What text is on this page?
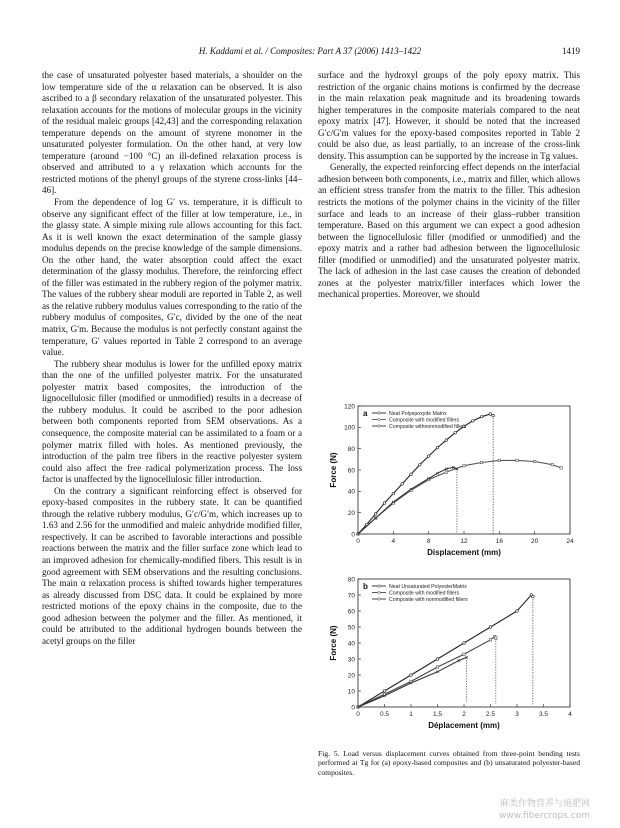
H. Kaddami et al. / Composites: Part A 37 (2006) 1413–1422	1419

the case of unsaturated polyester based materials, a shoulder on the low temperature side of the α relaxation can be observed. It is also ascribed to a β secondary relaxation of the unsaturated polyester. This relaxation accounts for the motions of molecular groups in the vicinity of the residual maleic groups [42,43] and the corresponding relaxation temperature depends on the amount of styrene monomer in the unsaturated polyester formulation. On the other hand, at very low temperature (around −100 °C) an ill-defined relaxation process is observed and attributed to a γ relaxation which accounts for the restricted motions of the phenyl groups of the styrene cross-links [44–46].

From the dependence of log G′ vs. temperature, it is difficult to observe any significant effect of the filler at low temperature, i.e., in the glassy state. A simple mixing rule allows accounting for this fact. As it is well known the exact determination of the sample glassy modulus depends on the precise knowledge of the sample dimensions. On the other hand, the water absorption could affect the exact determination of the glassy modulus. Therefore, the reinforcing effect of the filler was estimated in the rubbery region of the polymer matrix. The values of the rubbery shear moduli are reported in Table 2, as well as the relative rubbery modulus values corresponding to the ratio of the rubbery modulus of composites, G′c, divided by the one of the neat matrix, G′m. Because the modulus is not perfectly constant against the temperature, G′ values reported in Table 2 correspond to an average value.

The rubbery shear modulus is lower for the unfilled epoxy matrix than the one of the unfilled polyester matrix. For the unsaturated polyester matrix based composites, the introduction of the lignocellulosic filler (modified or unmodified) results in a decrease of the rubbery modulus. It could be ascribed to the poor adhesion between both components reported from SEM observations. As a consequence, the composite material can be assimilated to a foam or a polymer matrix filled with holes. As mentioned previously, the introduction of the palm tree fibers in the reactive polyester system could also affect the free radical polymerization process. The loss factor is unaffected by the lignocellulosic filler introduction.

On the contrary a significant reinforcing effect is observed for epoxy-based composites in the rubbery state. It can be quantified through the relative rubbery modulus, G′c/G′m, which increases up to 1.63 and 2.56 for the unmodified and maleic anhydride modified filler, respectively. It can be ascribed to favorable interactions and possible reactions between the matrix and the filler surface zone which lead to an improved adhesion for chemically-modified fibers. This result is in good agreement with SEM observations and the resulting conclusions. The main α relaxation process is shifted towards higher temperatures as already discussed from DSC data. It could be explained by more restricted motions of the epoxy chains in the composite, due to the good adhesion between the polymer and the filler. As mentioned, it could be attributed to the additional hydrogen bounds between the acetyl groups on the filler

surface and the hydroxyl groups of the poly epoxy matrix. This restriction of the organic chains motions is confirmed by the decrease in the main relaxation peak magnitude and its broadening towards higher temperatures in the composite materials compared to the neat epoxy matrix [47]. However, it should be noted that the increased G′c/G′m values for the epoxy-based composites reported in Table 2 could be also due, as least partially, to an increase of the cross-link density. This assumption can be supported by the increase in Tg values.

Generally, the expected reinforcing effect depends on the interfacial adhesion between both components, i.e., matrix and filler, which allows an efficient stress transfer from the matrix to the filler. This adhesion restricts the motions of the polymer chains in the vicinity of the filler surface and leads to an increase of their glass–rubber transition temperature. Based on this argument we can expect a good adhesion between the lignocellulosic filler (modified or unmodified) and the epoxy matrix and a rather bad adhesion between the lignocellulosic filler (modified or unmodified) and the unsaturated polyester matrix. The lack of adhesion in the last case causes the creation of debonded zones at the polyester matrix/filler interfaces which lower the mechanical properties. Moreover, we should

0	4	8	12	16	20	24
0
20
40
60
80
100
120
Displacement (mm)
Force (N)
a	Neat Polyepoxyde Matrix
Composite with modified fillers
Composite withnonmodified fillers
0	0.5	1	1.5	2	2.5	3	3.5	4
0
10
20
30
40
50
60
70
80
Déplacement (mm)
Force (N)
b	Neat Unsaturated PolyesterMatrix
Composite with modified fillers
Composite with nonmodified fillers
Fig. 5. Load versus displacement curves obtained from three-point bending tests performed at Tg for (a) epoxy-based composites and (b) unsaturated polyester-based composites.
麻类作物营养与施肥网
www.fibercrops.com
